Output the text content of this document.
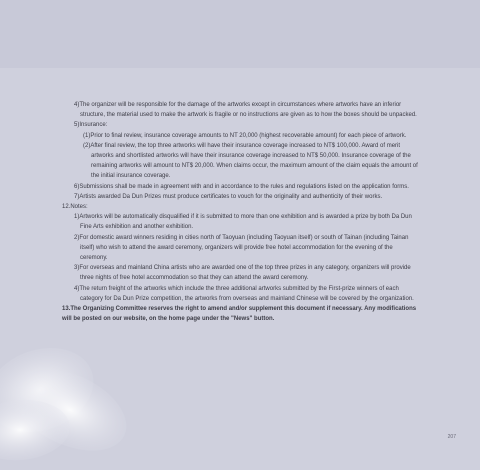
4)The organizer will be responsible for the damage of the artworks except in circumstances where artworks have an inferior structure, the material used to make the artwork is fragile or no instructions are given as to how the boxes should be unpacked.

5)Insurance:

(1)Prior to final review, insurance coverage amounts to NT 20,000 (highest recoverable amount) for each piece of artwork.

(2)After final review, the top three artworks will have their insurance coverage increased to NT$ 100,000. Award of merit artworks and shortlisted artworks will have their insurance coverage increased to NT$ 50,000. Insurance coverage of the remaining artworks will amount to NT$ 20,000. When claims occur, the maximum amount of the claim equals the amount of the initial insurance coverage.

6)Submissions shall be made in agreement with and in accordance to the rules and regulations listed on the application forms.

7)Artists awarded Da Dun Prizes must produce certificates to vouch for the originality and authenticity of their works.

12.Notes:

1)Artworks will be automatically disqualified if it is submitted to more than one exhibition and is awarded a prize by both Da Dun Fine Arts exhibition and another exhibition.

2)For domestic award winners residing in cities north of Taoyuan (including Taoyuan itself) or south of Tainan (including Tainan itself) who wish to attend the award ceremony, organizers will provide free hotel accommodation for the evening of the ceremony.

3)For overseas and mainland China artists who are awarded one of the top three prizes in any category, organizers will provide three nights of free hotel accommodation so that they can attend the award ceremony.

4)The return freight of the artworks which include the three additional artworks submitted by the First-prize winners of each category for Da Dun Prize competition, the artworks from overseas and mainland Chinese will be covered by the organization.

13.The Organizing Committee reserves the right to amend and/or supplement this document if necessary. Any modifications will be posted on our website, on the home page under the "News" button.

207
